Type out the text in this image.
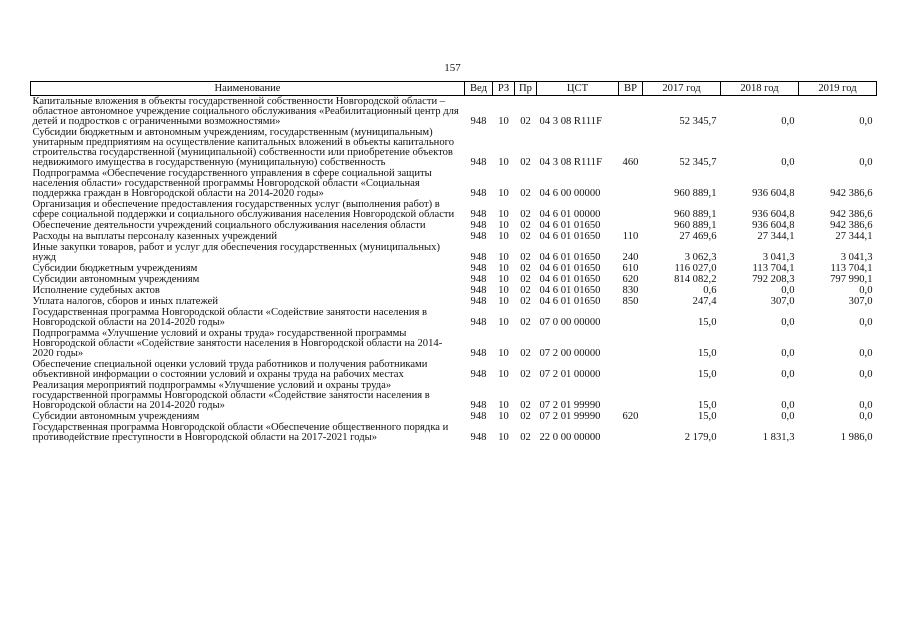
157
Наименование	Вед	РЗ	Пр	ЦСТ	ВР	2017 год	2018 год	2019 год
Капитальные вложения в объекты государственной собственности Новгородской области – областное автономное учреждение социального обслуживания «Реабилитационный центр для детей и подростков с ограниченными возможностями»	948	10	02	04 3 08 R111F		52 345,7	0,0	0,0
Субсидии бюджетным и автономным учреждениям, государственным (муниципальным) унитарным предприятиям на осуществление капитальных вложений в объекты капитального строительства государственной (муниципальной) собственности или приобретение объектов недвижимого имущества в государственную (муниципальную) собственность	948	10	02	04 3 08 R111F	460	52 345,7	0,0	0,0
Подпрограмма «Обеспечение государственного управления в сфере социальной защиты населения области» государственной программы Новгородской области «Социальная поддержка граждан в Новгородской области на 2014-2020 годы»	948	10	02	04 6 00 00000		960 889,1	936 604,8	942 386,6
Организация и обеспечение предоставления государственных услуг (выполнения работ) в сфере социальной поддержки и социального обслуживания населения Новгородской области	948	10	02	04 6 01 00000		960 889,1	936 604,8	942 386,6
Обеспечение деятельности учреждений социального обслуживания населения области	948	10	02	04 6 01 01650		960 889,1	936 604,8	942 386,6
Расходы на выплаты персоналу казенных учреждений	948	10	02	04 6 01 01650	110	27 469,6	27 344,1	27 344,1
Иные закупки товаров, работ и услуг для обеспечения государственных (муниципальных) нужд	948	10	02	04 6 01 01650	240	3 062,3	3 041,3	3 041,3
Субсидии бюджетным учреждениям	948	10	02	04 6 01 01650	610	116 027,0	113 704,1	113 704,1
Субсидии автономным учреждениям	948	10	02	04 6 01 01650	620	814 082,2	792 208,3	797 990,1
Исполнение судебных актов	948	10	02	04 6 01 01650	830	0,6	0,0	0,0
Уплата налогов, сборов и иных платежей	948	10	02	04 6 01 01650	850	247,4	307,0	307,0
Государственная программа Новгородской области «Содействие занятости населения в Новгородской области на 2014-2020 годы»	948	10	02	07 0 00 00000		15,0	0,0	0,0
Подпрограмма «Улучшение условий и охраны труда» государственной программы Новгородской области «Содействие занятости населения в Новгородской области на 2014-2020 годы»	948	10	02	07 2 00 00000		15,0	0,0	0,0
Обеспечение специальной оценки условий труда работников и получения работниками объективной информации о состоянии условий и охраны труда на рабочих местах	948	10	02	07 2 01 00000		15,0	0,0	0,0
Реализация мероприятий подпрограммы «Улучшение условий и охраны труда» государственной программы Новгородской области «Содействие занятости населения в Новгородской области на 2014-2020 годы»	948	10	02	07 2 01 99990		15,0	0,0	0,0
Субсидии автономным учреждениям	948	10	02	07 2 01 99990	620	15,0	0,0	0,0
Государственная программа Новгородской области «Обеспечение общественного порядка и противодействие преступности в Новгородской области на 2017-2021 годы»	948	10	02	22 0 00 00000		2 179,0	1 831,3	1 986,0
